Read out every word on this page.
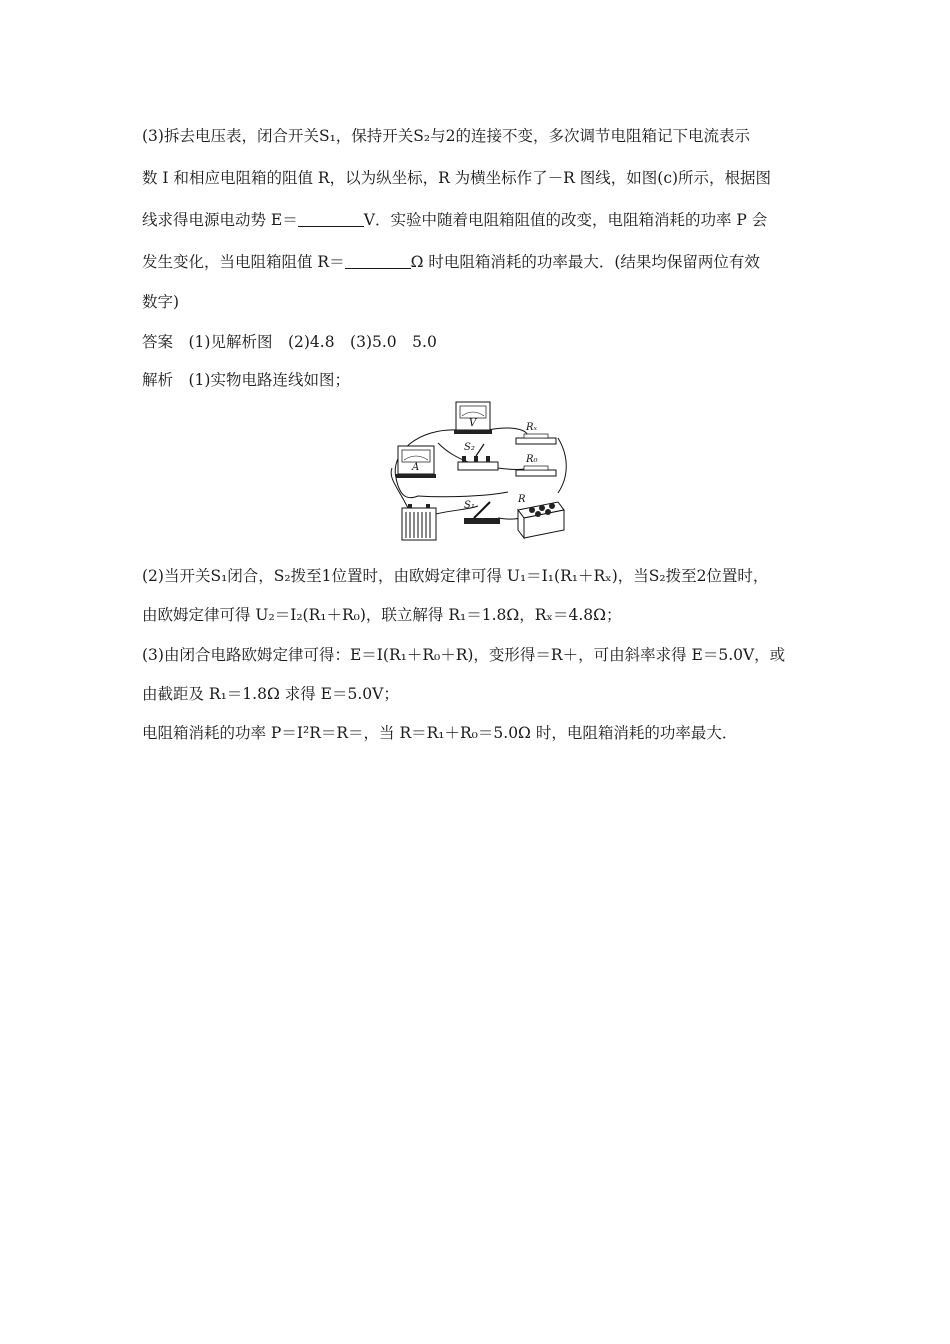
(3)拆去电压表，闭合开关S₁，保持开关S₂与2的连接不变，多次调节电阻箱记下电流表示
数 I 和相应电阻箱的阻值 R，以为纵坐标，R 为横坐标作了－R 图线，如图(c)所示，根据图
线求得电源电动势 E＝	V．实验中随着电阻箱阻值的改变，电阻箱消耗的功率 P 会
发生变化，当电阻箱阻值 R＝	Ω 时电阻箱消耗的功率最大．(结果均保留两位有效
数字)
答案　(1)见解析图　(2)4.8　(3)5.0　5.0
解析　(1)实物电路连线如图；
V
A
S₂
Rₓ
R₀
S₁
R
(2)当开关S₁闭合，S₂拨至1位置时，由欧姆定律可得 U₁＝I₁(R₁＋Rₓ)，当S₂拨至2位置时，
由欧姆定律可得 U₂＝I₂(R₁＋R₀)，联立解得 R₁＝1.8Ω，Rₓ＝4.8Ω；
(3)由闭合电路欧姆定律可得：E＝I(R₁＋R₀＋R)，变形得＝R＋，可由斜率求得 E＝5.0V，或
由截距及 R₁＝1.8Ω 求得 E＝5.0V；
电阻箱消耗的功率 P＝I²R＝R＝，当 R＝R₁＋R₀＝5.0Ω 时，电阻箱消耗的功率最大．
